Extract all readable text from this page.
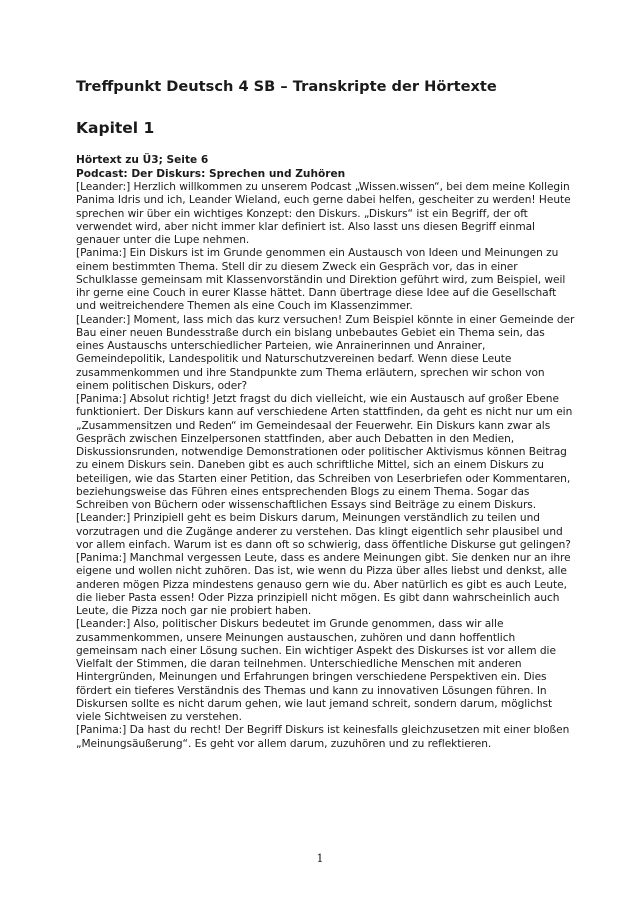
Treffpunkt Deutsch 4 SB – Transkripte der Hörtexte
Kapitel 1

Hörtext zu Ü3; Seite 6

Podcast: Der Diskurs: Sprechen und Zuhören

[Leander:] Herzlich willkommen zu unserem Podcast „Wissen.wissen“, bei dem meine Kollegin Panima Idris und ich, Leander Wieland, euch gerne dabei helfen, gescheiter zu werden! Heute sprechen wir über ein wichtiges Konzept: den Diskurs. „Diskurs“ ist ein Begriff, der oft verwendet wird, aber nicht immer klar definiert ist. Also lasst uns diesen Begriff einmal genauer unter die Lupe nehmen.

[Panima:] Ein Diskurs ist im Grunde genommen ein Austausch von Ideen und Meinungen zu einem bestimmten Thema. Stell dir zu diesem Zweck ein Gespräch vor, das in einer Schulklasse gemeinsam mit Klassenvorständin und Direktion geführt wird, zum Beispiel, weil ihr gerne eine Couch in eurer Klasse hättet. Dann übertrage diese Idee auf die Gesellschaft und weitreichendere Themen als eine Couch im Klassenzimmer.

[Leander:] Moment, lass mich das kurz versuchen! Zum Beispiel könnte in einer Gemeinde der Bau einer neuen Bundesstraße durch ein bislang unbebautes Gebiet ein Thema sein, das eines Austauschs unterschiedlicher Parteien, wie Anrainerinnen und Anrainer, Gemeindepolitik, Landespolitik und Naturschutzvereinen bedarf. Wenn diese Leute zusammenkommen und ihre Standpunkte zum Thema erläutern, sprechen wir schon von einem politischen Diskurs, oder?

[Panima:] Absolut richtig! Jetzt fragst du dich vielleicht, wie ein Austausch auf großer Ebene funktioniert. Der Diskurs kann auf verschiedene Arten stattfinden, da geht es nicht nur um ein „Zusammensitzen und Reden“ im Gemeindesaal der Feuerwehr. Ein Diskurs kann zwar als Gespräch zwischen Einzelpersonen stattfinden, aber auch Debatten in den Medien, Diskussionsrunden, notwendige Demonstrationen oder politischer Aktivismus können Beitrag zu einem Diskurs sein. Daneben gibt es auch schriftliche Mittel, sich an einem Diskurs zu beteiligen, wie das Starten einer Petition, das Schreiben von Leserbriefen oder Kommentaren, beziehungsweise das Führen eines entsprechenden Blogs zu einem Thema. Sogar das Schreiben von Büchern oder wissenschaftlichen Essays sind Beiträge zu einem Diskurs.

[Leander:] Prinzipiell geht es beim Diskurs darum, Meinungen verständlich zu teilen und vorzutragen und die Zugänge anderer zu verstehen. Das klingt eigentlich sehr plausibel und vor allem einfach. Warum ist es dann oft so schwierig, dass öffentliche Diskurse gut gelingen?

[Panima:] Manchmal vergessen Leute, dass es andere Meinungen gibt. Sie denken nur an ihre eigene und wollen nicht zuhören. Das ist, wie wenn du Pizza über alles liebst und denkst, alle anderen mögen Pizza mindestens genauso gern wie du. Aber natürlich es gibt es auch Leute, die lieber Pasta essen! Oder Pizza prinzipiell nicht mögen. Es gibt dann wahrscheinlich auch Leute, die Pizza noch gar nie probiert haben.

[Leander:] Also, politischer Diskurs bedeutet im Grunde genommen, dass wir alle zusammenkommen, unsere Meinungen austauschen, zuhören und dann hoffentlich gemeinsam nach einer Lösung suchen. Ein wichtiger Aspekt des Diskurses ist vor allem die Vielfalt der Stimmen, die daran teilnehmen. Unterschiedliche Menschen mit anderen Hintergründen, Meinungen und Erfahrungen bringen verschiedene Perspektiven ein. Dies fördert ein tieferes Verständnis des Themas und kann zu innovativen Lösungen führen. In Diskursen sollte es nicht darum gehen, wie laut jemand schreit, sondern darum, möglichst viele Sichtweisen zu verstehen.

[Panima:] Da hast du recht! Der Begriff Diskurs ist keinesfalls gleichzusetzen mit einer bloßen „Meinungsäußerung“. Es geht vor allem darum, zuzuhören und zu reflektieren.

1
